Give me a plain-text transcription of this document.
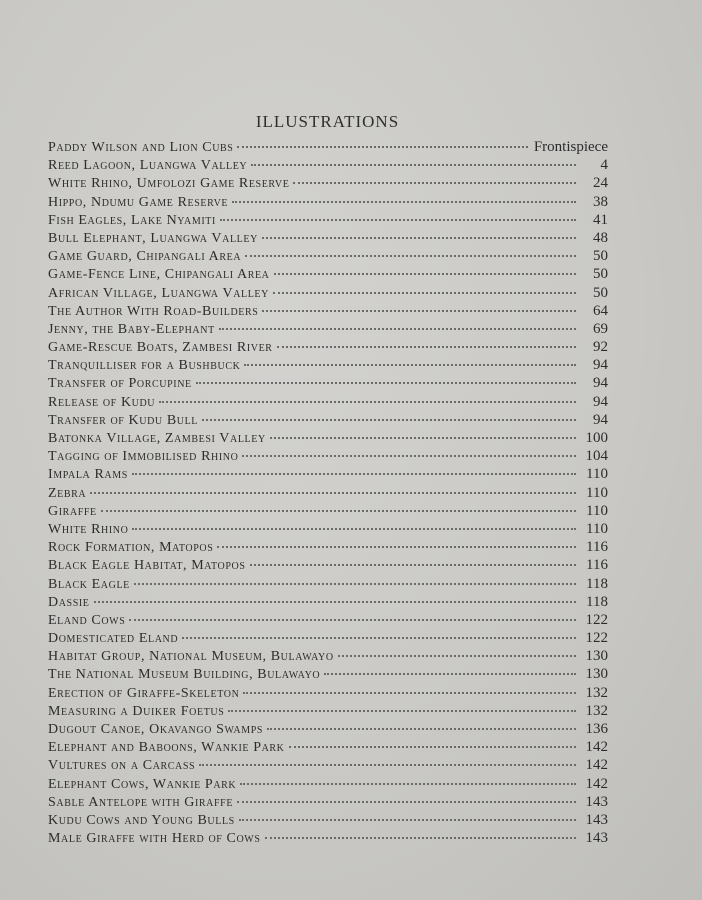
ILLUSTRATIONS
Paddy Wilson and Lion Cubs	Frontispiece
Reed Lagoon, Luangwa Valley	4
White Rhino, Umfolozi Game Reserve	24
Hippo, Ndumu Game Reserve	38
Fish Eagles, Lake Nyamiti	41
Bull Elephant, Luangwa Valley	48
Game Guard, Chipangali Area	50
Game-Fence Line, Chipangali Area	50
African Village, Luangwa Valley	50
The Author With Road-Builders	64
Jenny, the Baby-Elephant	69
Game-Rescue Boats, Zambesi River	92
Tranquilliser for a Bushbuck	94
Transfer of Porcupine	94
Release of Kudu	94
Transfer of Kudu Bull	94
Batonka Village, Zambesi Valley	100
Tagging of Immobilised Rhino	104
Impala Rams	110
Zebra	110
Giraffe	110
White Rhino	110
Rock Formation, Matopos	116
Black Eagle Habitat, Matopos	116
Black Eagle	118
Dassie	118
Eland Cows	122
Domesticated Eland	122
Habitat Group, National Museum, Bulawayo	130
The National Museum Building, Bulawayo	130
Erection of Giraffe-Skeleton	132
Measuring a Duiker Foetus	132
Dugout Canoe, Okavango Swamps	136
Elephant and Baboons, Wankie Park	142
Vultures on a Carcass	142
Elephant Cows, Wankie Park	142
Sable Antelope with Giraffe	143
Kudu Cows and Young Bulls	143
Male Giraffe with Herd of Cows	143
